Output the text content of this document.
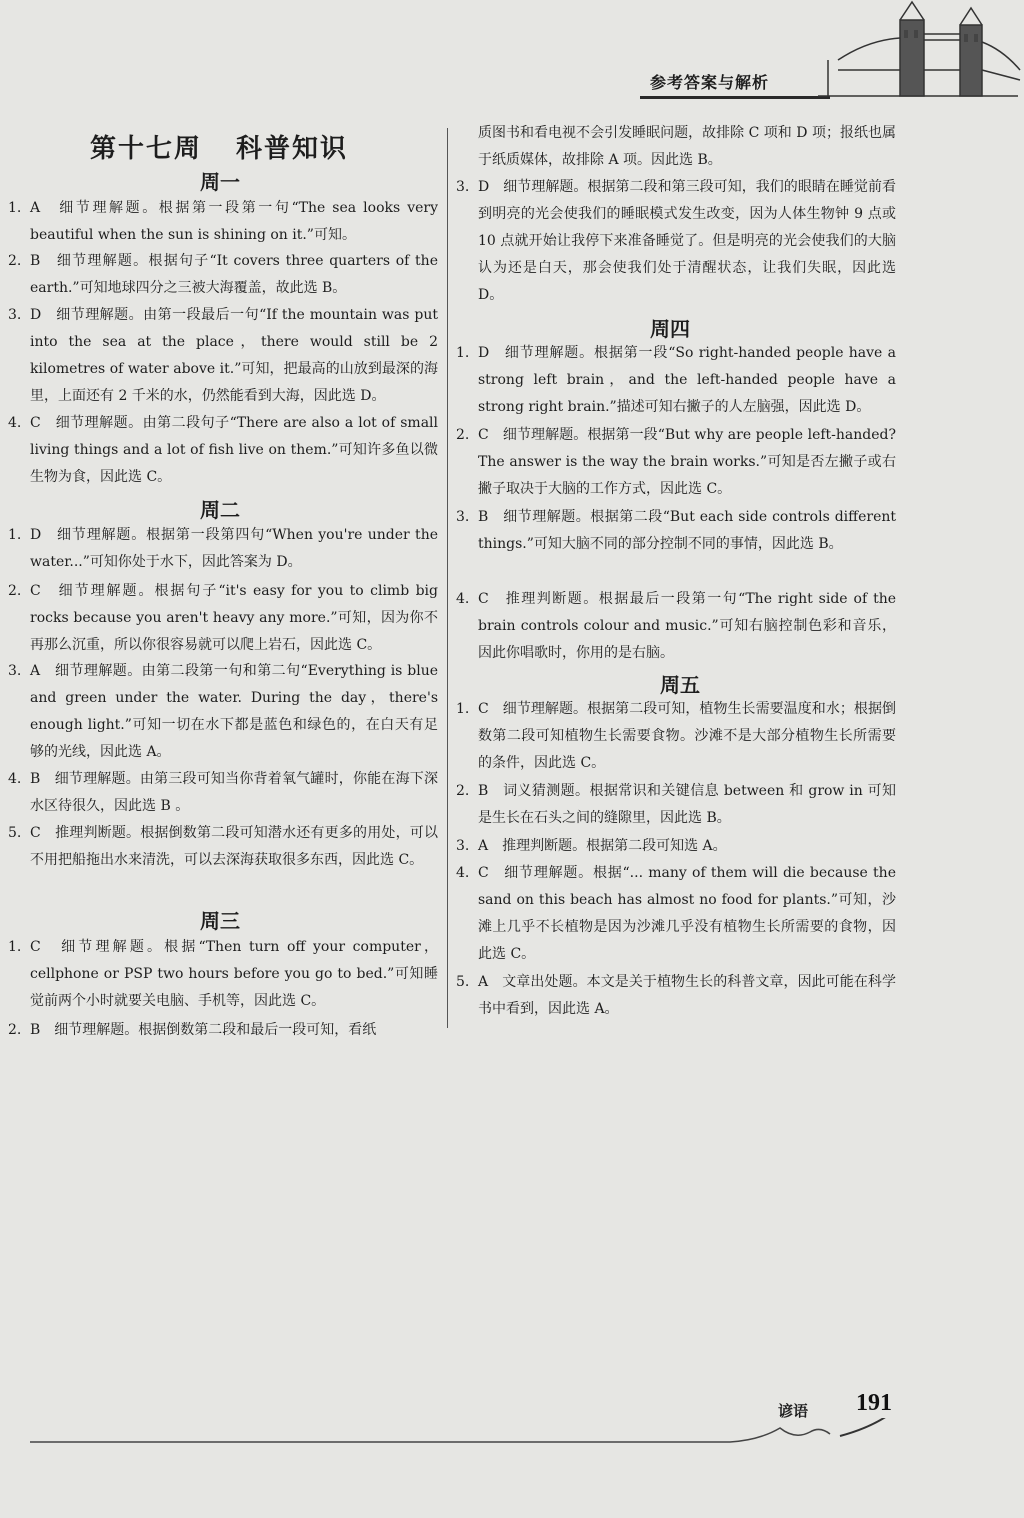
参考答案与解析
第十七周 科普知识
周一
1. A　细节理解题。根据第一段第一句“The sea looks very beautiful when the sun is shining on it.”可知。
2. B　细节理解题。根据句子“It covers three quarters of the earth.”可知地球四分之三被大海覆盖，故此选 B。
3. D　细节理解题。由第一段最后一句“If the mountain was put into the sea at the place，there would still be 2 kilometres of water above it.”可知，把最高的山放到最深的海里，上面还有 2 千米的水，仍然能看到大海，因此选 D。
4. C　细节理解题。由第二段句子“There are also a lot of small living things and a lot of fish live on them.”可知许多鱼以微生物为食，因此选 C。
周二
1. D　细节理解题。根据第一段第四句“When you're under the water...”可知你处于水下，因此答案为 D。
2. C　细节理解题。根据句子“it's easy for you to climb big rocks because you aren't heavy any more.”可知，因为你不再那么沉重，所以你很容易就可以爬上岩石，因此选 C。
3. A　细节理解题。由第二段第一句和第二句“Everything is blue and green under the water. During the day，there's enough light.”可知一切在水下都是蓝色和绿色的，在白天有足够的光线，因此选 A。
4. B　细节理解题。由第三段可知当你背着氧气罐时，你能在海下深水区待很久，因此选 B 。
5. C　推理判断题。根据倒数第二段可知潜水还有更多的用处，可以不用把船拖出水来清洗，可以去深海获取很多东西，因此选 C。
周三
1. C　细节理解题。根据“Then turn off your computer，cellphone or PSP two hours before you go to bed.”可知睡觉前两个小时就要关电脑、手机等，因此选 C。
2. B　细节理解题。根据倒数第二段和最后一段可知，看纸
质图书和看电视不会引发睡眠问题，故排除 C 项和 D 项；报纸也属于纸质媒体，故排除 A 项。因此选 B。
3. D　细节理解题。根据第二段和第三段可知，我们的眼睛在睡觉前看到明亮的光会使我们的睡眠模式发生改变，因为人体生物钟 9 点或 10 点就开始让我停下来准备睡觉了。但是明亮的光会使我们的大脑认为还是白天，那会使我们处于清醒状态，让我们失眠，因此选 D。
周四
1. D　细节理解题。根据第一段“So right-handed people have a strong left brain，and the left-handed people have a strong right brain.”描述可知右撇子的人左脑强，因此选 D。
2. C　细节理解题。根据第一段“But why are people left-handed? The answer is the way the brain works.”可知是否左撇子或右撇子取决于大脑的工作方式，因此选 C。
3. B　细节理解题。根据第二段“But each side controls different things.”可知大脑不同的部分控制不同的事情，因此选 B。
4. C　推理判断题。根据最后一段第一句“The right side of the brain controls colour and music.”可知右脑控制色彩和音乐，因此你唱歌时，你用的是右脑。
周五
1. C　细节理解题。根据第二段可知，植物生长需要温度和水；根据倒数第二段可知植物生长需要食物。沙滩不是大部分植物生长所需要的条件，因此选 C。
2. B　词义猜测题。根据常识和关键信息 between 和 grow in 可知是生长在石头之间的缝隙里，因此选 B。
3. A　推理判断题。根据第二段可知选 A。
4. C　细节理解题。根据“... many of them will die because the sand on this beach has almost no food for plants.”可知，沙滩上几乎不长植物是因为沙滩几乎没有植物生长所需要的食物，因此选 C。
5. A　文章出处题。本文是关于植物生长的科普文章，因此可能在科学书中看到，因此选 A。
谚语 191
